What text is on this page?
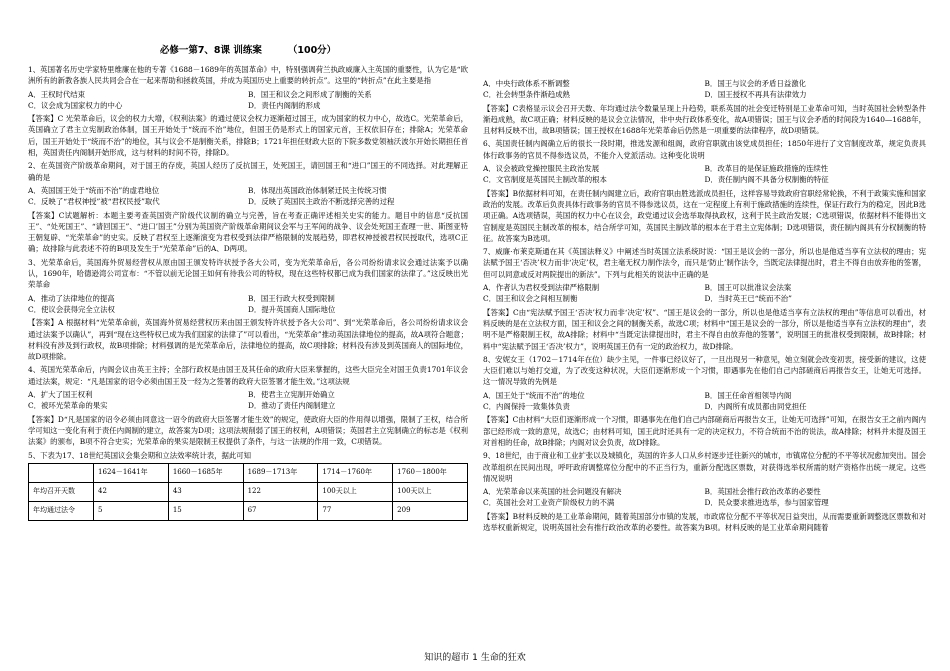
必修一第7、8课 训练案	（100分）

1、英国著名历史学家特里维廉在他的专著《1688－1689年的英国革命》中，特别强调荷兰执政威廉入主英国的重要性，认为它是“欧洲所有的新教各族人民共同会合在一起来帮助和拯救英国，并成为英国历史上重要的转折点”。这里的“转折点”在此主要是指

A．王权时代结束	B．国王和议会之间形成了制衡的关系
C．议会成为国家权力的中心	D．责任内阁制的形成

【答案】C 光荣革命后，议会的权力大增，《权利法案》的通过使议会权力逐渐超过国王，成为国家的权力中心，故选C。光荣革命后，英国确立了君主立宪制政治体制，国王开始处于“统而不治”地位，但国王仍是形式上的国家元首，王权依旧存在；排除A；光荣革命后，国王开始处于“统而不治”的地位，其与议会不是制衡关系，排除B；1721年担任财政大臣的下院多数党领袖沃波尔开始长期担任首相，英国责任内阁制开始形成，这与材料的时间不符，排除D。

2、在英国资产阶级革命期间，对于国王的存废，英国人经历了反抗国王，处死国王，请回国王和“进口”国王的不同选择。对此理解正确的是

A．英国国王处于“统而不治”的虚君地位	B．体现出英国政治体制紧迁民主传统习惯
C．反映了“君权神授”被“君权民授”取代	D．反映了英国民主政治不断选择完善的过程

【答案】C试题解析：本题主要考查英国资产阶级代议制的确立与完善，旨在考查正确评述相关史实的能力。题目中的信息“反抗国王”、“处死国王”、“请回国王”、“进口’国王”分别为英国资产阶级革命期间议会军与王军间的战争、议会处死国王查理一世、斯图亚特王朝复辟、“光荣革命”的史实。反映了君权至上逐渐演变为君权受到法律严格限制的发展趋势，即君权神授被君权民授取代，选项C正确；故排除与此表述不符的B项及发生于“光荣革命”后的A、D两项。

3、光荣革命后，英国海外贸易经营权从原由国王颁发特许状授予各大公司，变为光荣革命后，各公司纷纷请求议会通过法案予以确认，1690年，哈德逊湾公司宣布：“不管以前无论国王如何有待我公司的特权，现在这些特权都已成为我们国家的法律了。”这反映出光荣革命

A．推动了法律地位的提高	B．国王行政大权受到限制
C．使议会获得完全立法权	D．提升英国商人国际地位

【答案】A 根据材料“光荣革命前，英国海外贸易经营权历来由国王颁发特许状授予各大公司”、到“光荣革命后，各公司纷纷请求议会通过法案予以确认”，再到“现在这些特权已成为我们国家的法律了”可以看出，“光荣革命”推动英国法律地位的提高，故A项符合题意；材料没有涉及到行政权，故B项排除；材料强调的是光荣革命后，法律地位的提高，故C项排除；材料没有涉及到英国商人的国际地位，故D项排除。

4、英国光荣革命后，内阁会议由英王主持；全部行政权是由国王及其任命的政府大臣来掌握的，这些大臣完全对国王负责1701年议会通过法案，规定：“凡是国家的诏令必须由国王及一经为之签署的政府大臣签署才能生效。”这项法规

A．扩大了国王权利	B．使君主立宪制开始确立
C．被环光荣革命的果实	D．推动了责任内阁制建立

【答案】D“凡是国家的诏令必须由同意这一诏令的政府大臣签署才能生效”的规定，使政府大臣的作用得以增强，限制了王权，结合所学可知这一变化有利于责任内阁制的建立，故答案为D项；这项法规削弱了国王的权利，A项错误；英国君主立宪制确立的标志是《权利法案》的颁布，B项不符合史实；光荣革命的果实是限制王权提供了条件，与这一法规的作用一致，C项错误。

5、下表为17、18世纪英国议会集会期和立法效率统计表，据此可知

	1624－1641年	1660－1685年	1689－1713年	1714－1760年	1760－1800年
年均召开天数	42	43	122	100天以上	100天以上
年均通过法令	5	15	67	77	209
A．中央行政体系不断调整	B．国王与议会的矛盾日益激化
C．社会转型条件渐趋成熟	D．国王授权不再具有法律效力

【答案】C表格显示议会召开天数、年均通过法令数量呈现上升趋势，联系英国的社会变迁特别是工业革命可知，当时英国社会转型条件渐趋成熟，故C项正确；材料反映的是议会立法情况，非中央行政体系变化，故A项错误；国王与议会矛盾的时间段为1640—1688年，且材料反映不出，故B项错误；国王授权在1688年光荣革命后仍然是一项重要的法律程序，故D项错误。

6、英国责任制内阁确立后的很长一段时期，推选发源和组阁，政府官职就由该党成员担任；1850年进行了文官制度改革，规定负责具体行政事务的官员不得参选议员，不能介入党派活动。这种变化说明

A．议会被政党操控服民主政治发展	B．改革目的是保证施政措施的连续性
C．文官制度是英国民主制改革的根本	D．责任制内阁不具备分权制衡的特征

【答案】B依据材料可知，在责任制内阁建立后，政府官职由胜选派成员担任，这样容易导致政府官职经常轮换，不利于政策实施和国家政治的发展。改革后负责具体行政事务的官员不得参选议员，这在一定程度上有利于施政措施的连续性，保证行政行为的稳定，因此B选项正确。A选项错误，英国的权力中心在议会，政党通过议会选举取得执政权，这利于民主政治发展；C选项错误，依据材料不能得出文官制度是英国民主制改革的根本，结合所学可知，英国民主制改革的根本在于君主立宪体制；D选项错误，责任制内阁具有分权制衡的特征。故答案为B选项。

7、威廉·布莱克斯通在其《英国法释义》中阐述当时英国立法系统时说：“国王是议会的一部分，所以也是他适当享有立法权的理由；宪法赋予国王‘否决’权力而非‘决定’权，君主毫无权力制作法令，而只是‘防止’制作法令，当既定法律提出时，君主不得自由放弃他的签署，但可以同意或反对两院提出的新法”。下列与此相关的说法中正确的是

A．作者认为君权受到法律严格限制	B．国王可以批准议会法案
C．国王和议会之间相互制衡	D．当时英王已“统而不治”

【答案】C由“宪法赋予国王‘否决’权力而非‘决定’权”、“国王是议会的一部分，所以也是他适当享有立法权的理由”等信息可以看出，材料反映的是在立法权方面，国王和议会之间的制衡关系，故选C项；材料中“国王是议会的一部分，所以是他适当享有立法权的理由”，表明不是严格限制王权，故A排除；材料中“当既定法律提出时，君主不得自由放弃他的签署”，说明国王的批准权受到限制，故B排除；材料中“宪法赋予国王‘否决’权力”，说明英国王仍有一定的政治权力，故D排除。

8、安妮女王（1702－1714年在位）缺少主见，一件事已经议好了，一旦出现另一种意见，她立刻就会改变初衷，接受新的建议，这使大臣们难以与她打交道，为了改变这种状况，大臣们逐渐形成一个习惯，即遇事先在他们自己内部磋商后再报告女王，让她无可选择。这一情况导致的先例是

A．国王处于“统而不治”的地位	B．国王任命首相领导内阁
C．内阁保持一致集体负责	D．内阁所有成员都由同党担任

【答案】C由材料“大臣们逐渐形成一个习惯，即遇事先在他们自己内部磋商后再报告女王，让她无可选择”可知，在报告女王之前内阁内部已经形成一致的意见，故选C；由材料可知，国王此时还具有一定的决定权力，不符合统而不治的说法，故A排除；材料并未提及国王对首相的任命，故B排除；内阁对议会负责，故D排除。

9、18世纪，由于商业和工业扩张以及城镇化，英国的许多人口从乡村逐步迁往新兴的城市，市镇席位分配的不平等状况愈加突出。国会改革组织在民间出现，呼吁政府调整席位分配中的不正当行为，重新分配选区票数，对获得选举权所需的财产资格作出统一规定。这些情况说明

A．光荣革命以来英国的社会问题没有解决	B．英国社会推行政治改革的必要性
C．英国社会对工业资产阶级权力的不满	D．民众要求推进选举，参与国家管理

【答案】B材料反映的是工业革命期间，随着英国部分市镇的发展，市政席位分配不平等状况日益突出，从而需要重新调整选区票数和对选举权重新规定，说明英国社会有推行政治改革的必要性。故答案为B项。材料反映的是工业革命期间随着

知识的超市 1 生命的狂欢
